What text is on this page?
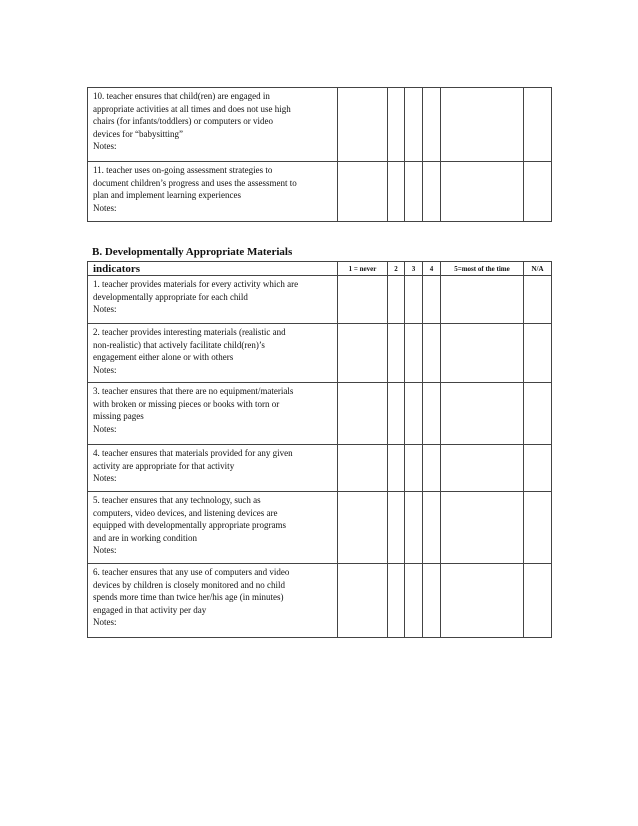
10. teacher ensures that child(ren) are engaged in
appropriate activities at all times and does not use high
chairs (for infants/toddlers) or computers or video
devices for “babysitting”
Notes:						
11. teacher uses on-going assessment strategies to
document children’s progress and uses the assessment to
plan and implement learning experiences
Notes:						
B. Developmentally Appropriate Materials
indicators	1 = never	2	3	4	5=most of the time	N/A
1. teacher provides materials for every activity which are
developmentally appropriate for each child
Notes:						
2. teacher provides interesting materials (realistic and
non-realistic) that actively facilitate child(ren)’s
engagement either alone or with others
Notes:						
3. teacher ensures that there are no equipment/materials
with broken or missing pieces or books with torn or
missing pages
Notes:						
4. teacher ensures that materials provided for any given
activity are appropriate for that activity
Notes:						
5. teacher ensures that any technology, such as
computers, video devices, and listening devices are
equipped with developmentally appropriate programs
and are in working condition
Notes:						
6. teacher ensures that any use of computers and video
devices by children is closely monitored and no child
spends more time than twice her/his age (in minutes)
engaged in that activity per day
Notes:						
